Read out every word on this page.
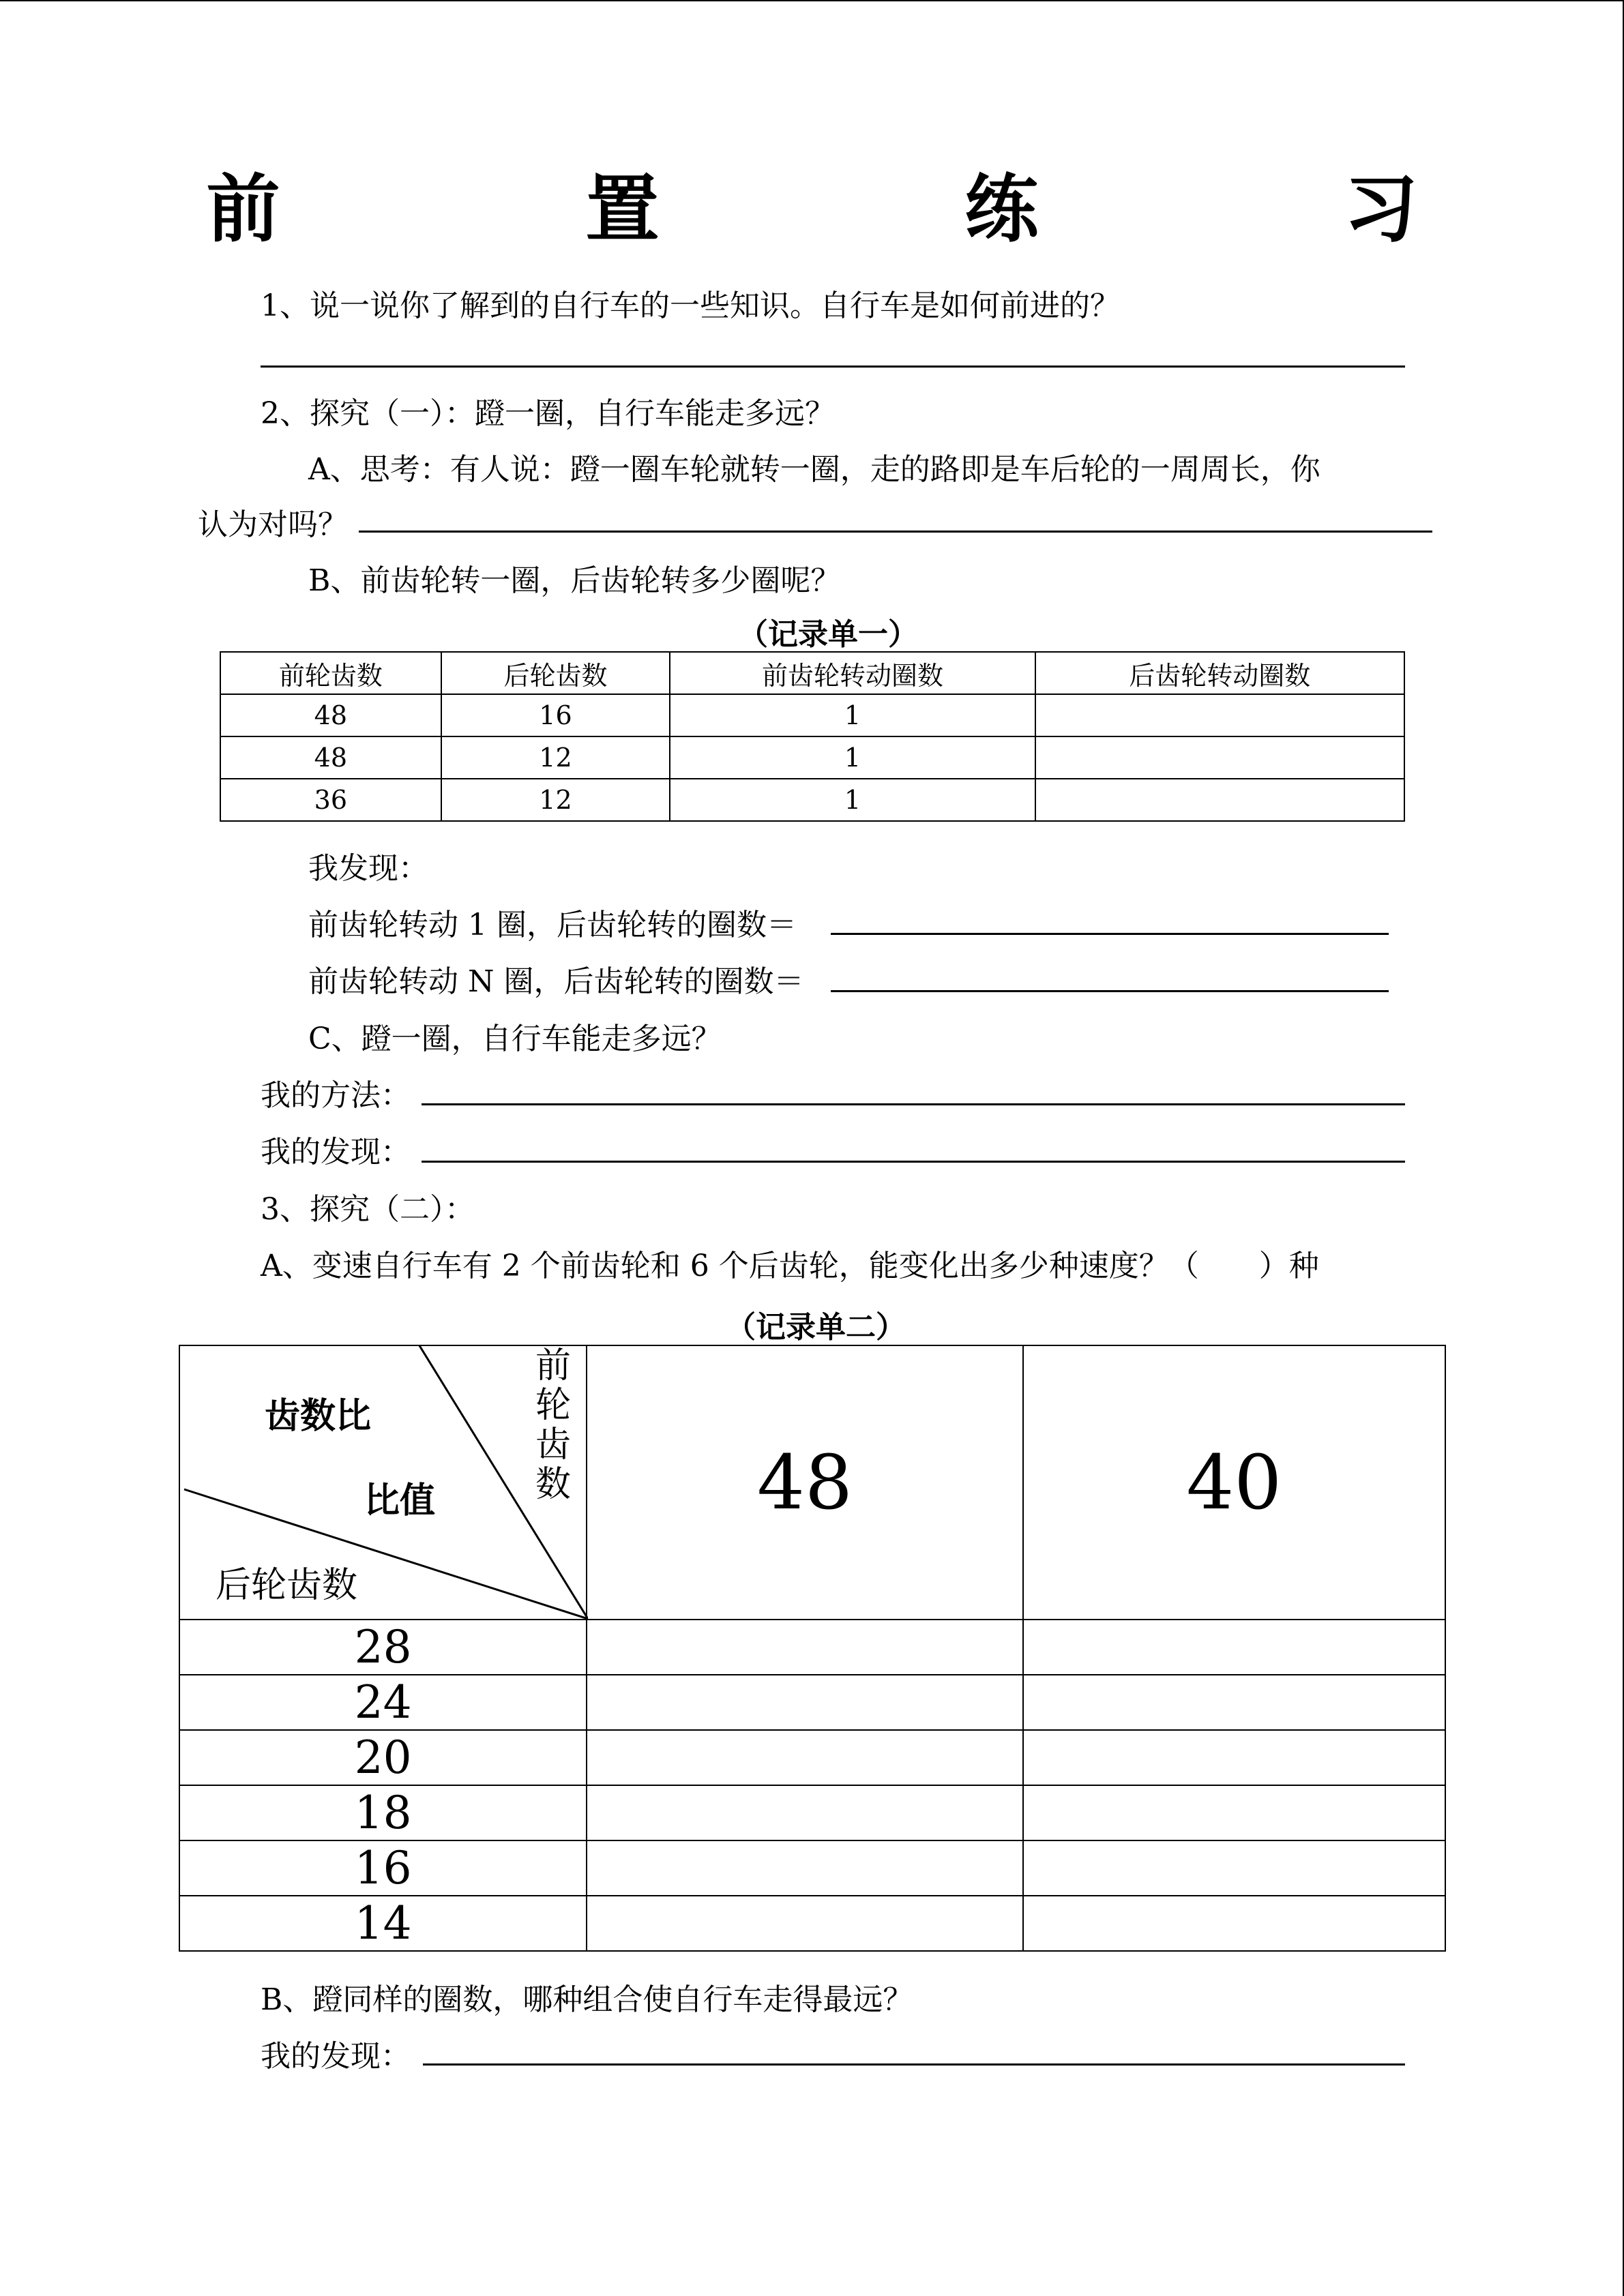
前　置　练　习
1、说一说你了解到的自行车的一些知识。自行车是如何前进的？
2、探究（一）：蹬一圈，自行车能走多远？
A、思考：有人说：蹬一圈车轮就转一圈，走的路即是车后轮的一周周长，你
认为对吗？
B、前齿轮转一圈，后齿轮转多少圈呢？
（记录单一）
前轮齿数	后轮齿数	前齿轮转动圈数	后齿轮转动圈数
48	16	1	
48	12	1	
36	12	1	
我发现：
前齿轮转动 1 圈，后齿轮转的圈数＝
前齿轮转动 N 圈，后齿轮转的圈数＝
C、蹬一圈，自行车能走多远？
我的方法：
我的发现：
3、探究（二）：
A、变速自行车有 2 个前齿轮和 6 个后齿轮，能变化出多少种速度？（　　）种
（记录单二）
齿数比
比值
后轮齿数
前轮齿数	48	40
28		
24		
20		
18		
16		
14		
B、蹬同样的圈数，哪种组合使自行车走得最远？
我的发现：
